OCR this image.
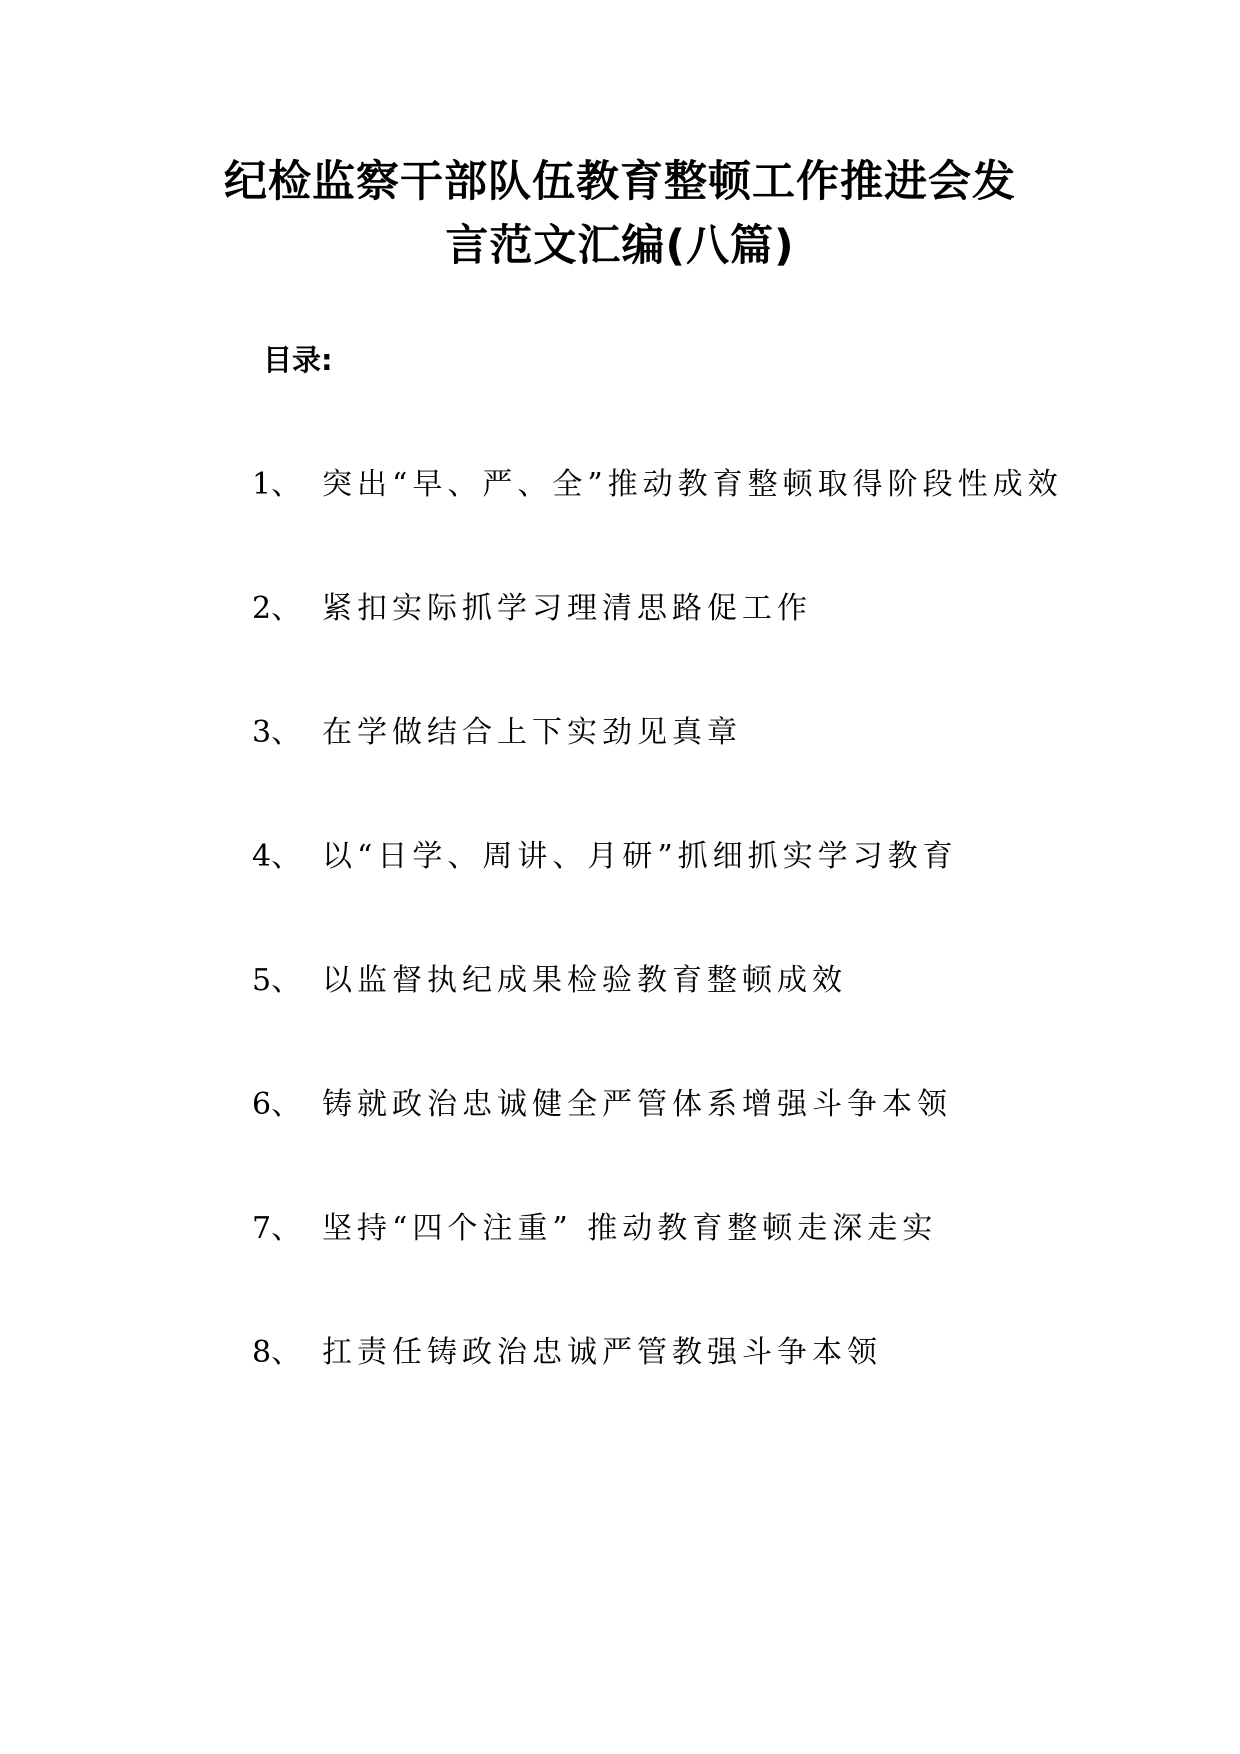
纪检监察干部队伍教育整顿工作推进会发
言范文汇编(八篇)
目录:
1、 突出“早、严、全”推动教育整顿取得阶段性成效
2、 紧扣实际抓学习理清思路促工作
3、 在学做结合上下实劲见真章
4、 以“日学、周讲、月研”抓细抓实学习教育
5、 以监督执纪成果检验教育整顿成效
6、 铸就政治忠诚健全严管体系增强斗争本领
7、 坚持“四个注重” 推动教育整顿走深走实
8、 扛责任铸政治忠诚严管教强斗争本领
